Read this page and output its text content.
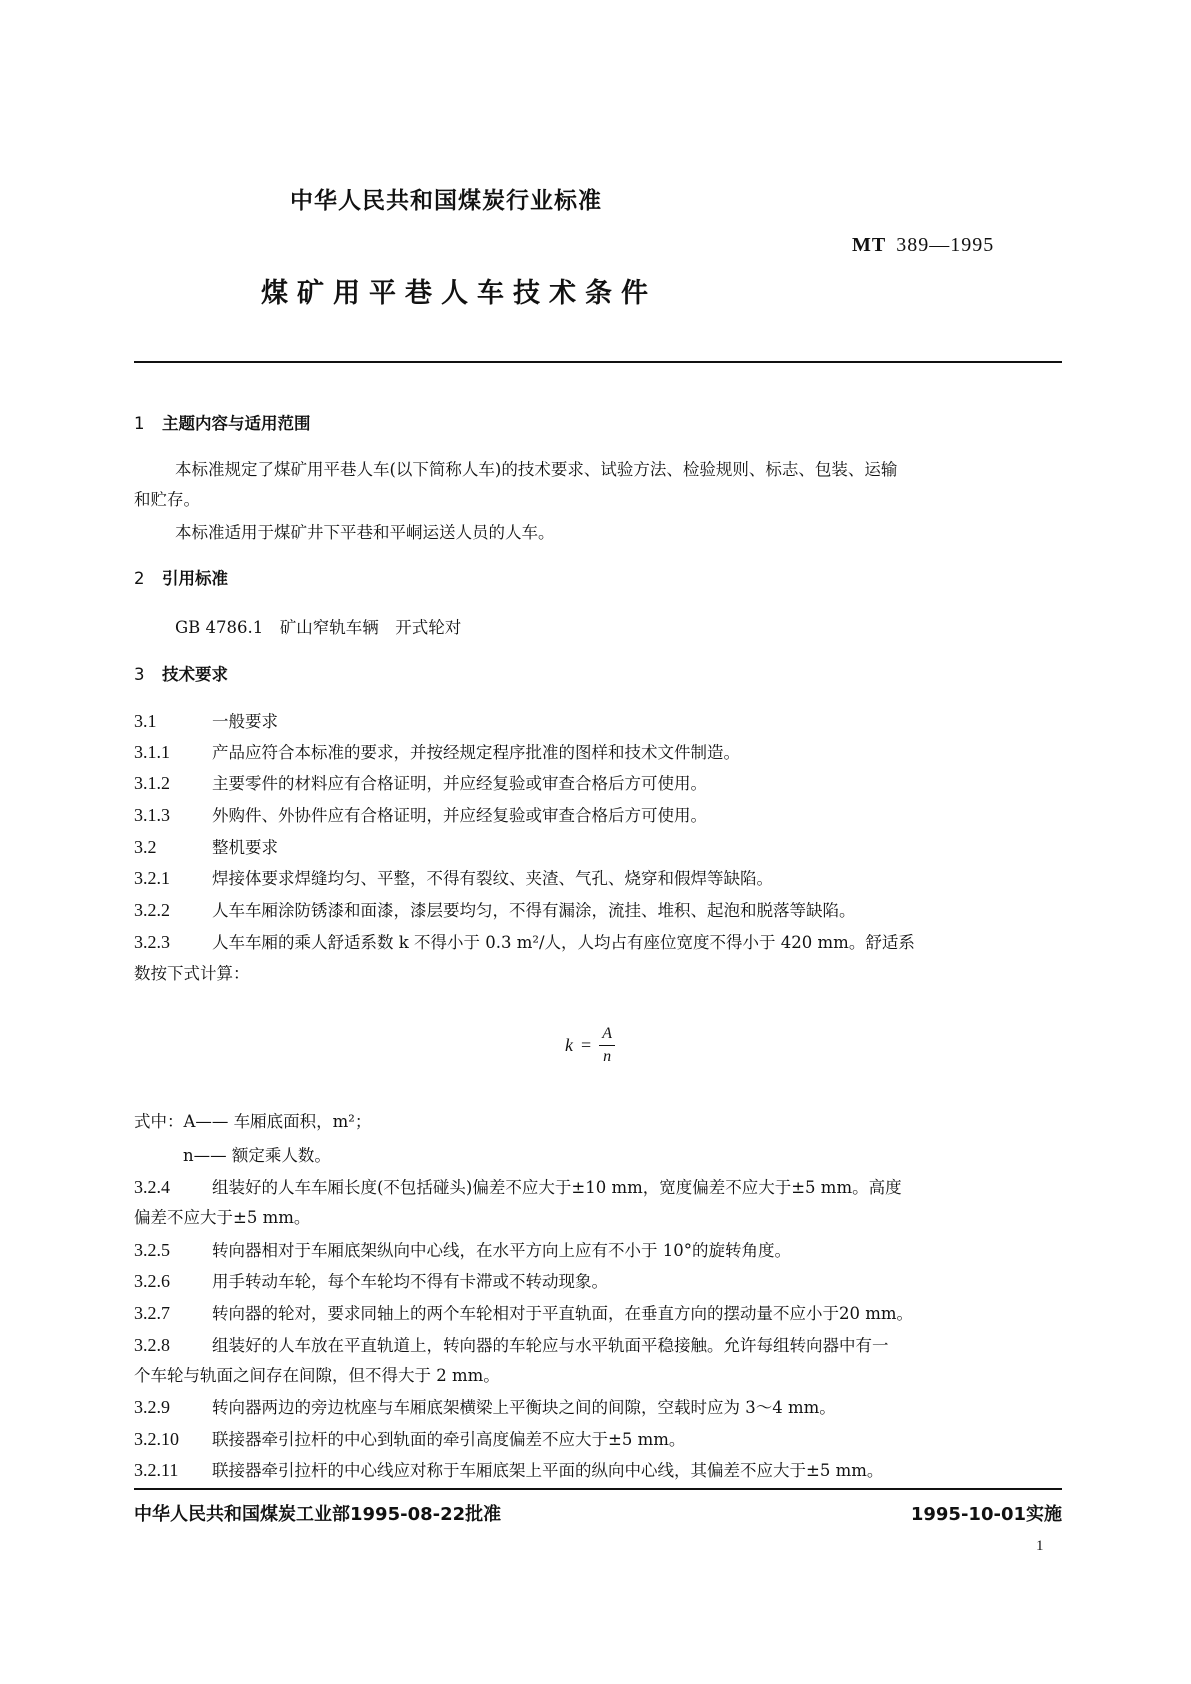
中华人民共和国煤炭行业标准
MT 389—1995
煤矿用平巷人车技术条件
1 主题内容与适用范围
本标准规定了煤矿用平巷人车(以下简称人车)的技术要求、试验方法、检验规则、标志、包装、运输
和贮存。
本标准适用于煤矿井下平巷和平峒运送人员的人车。
2 引用标准
GB 4786.1　矿山窄轨车辆　开式轮对
3 技术要求
3.1	一般要求
3.1.1	产品应符合本标准的要求，并按经规定程序批准的图样和技术文件制造。
3.1.2	主要零件的材料应有合格证明，并应经复验或审查合格后方可使用。
3.1.3	外购件、外协件应有合格证明，并应经复验或审查合格后方可使用。
3.2	整机要求
3.2.1	焊接体要求焊缝均匀、平整，不得有裂纹、夹渣、气孔、烧穿和假焊等缺陷。
3.2.2	人车车厢涂防锈漆和面漆，漆层要均匀，不得有漏涂，流挂、堆积、起泡和脱落等缺陷。
3.2.3	人车车厢的乘人舒适系数 k 不得小于 0.3 m²/人，人均占有座位宽度不得小于 420 mm。舒适系
数按下式计算：
$k = \frac{A}{n}$
式中：A—— 车厢底面积，m²；
n—— 额定乘人数。
3.2.4	组装好的人车车厢长度(不包括碰头)偏差不应大于±10 mm，宽度偏差不应大于±5 mm。高度
偏差不应大于±5 mm。
3.2.5	转向器相对于车厢底架纵向中心线，在水平方向上应有不小于 10°的旋转角度。
3.2.6	用手转动车轮，每个车轮均不得有卡滞或不转动现象。
3.2.7	转向器的轮对，要求同轴上的两个车轮相对于平直轨面，在垂直方向的摆动量不应小于20 mm。
3.2.8	组装好的人车放在平直轨道上，转向器的车轮应与水平轨面平稳接触。允许每组转向器中有一
个车轮与轨面之间存在间隙，但不得大于 2 mm。
3.2.9	转向器两边的旁边枕座与车厢底架横梁上平衡块之间的间隙，空载时应为 3～4 mm。
3.2.10 联接器牵引拉杆的中心到轨面的牵引高度偏差不应大于±5 mm。
3.2.11 联接器牵引拉杆的中心线应对称于车厢底架上平面的纵向中心线，其偏差不应大于±5 mm。
中华人民共和国煤炭工业部1995-08-22批准	1995-10-01实施
1
